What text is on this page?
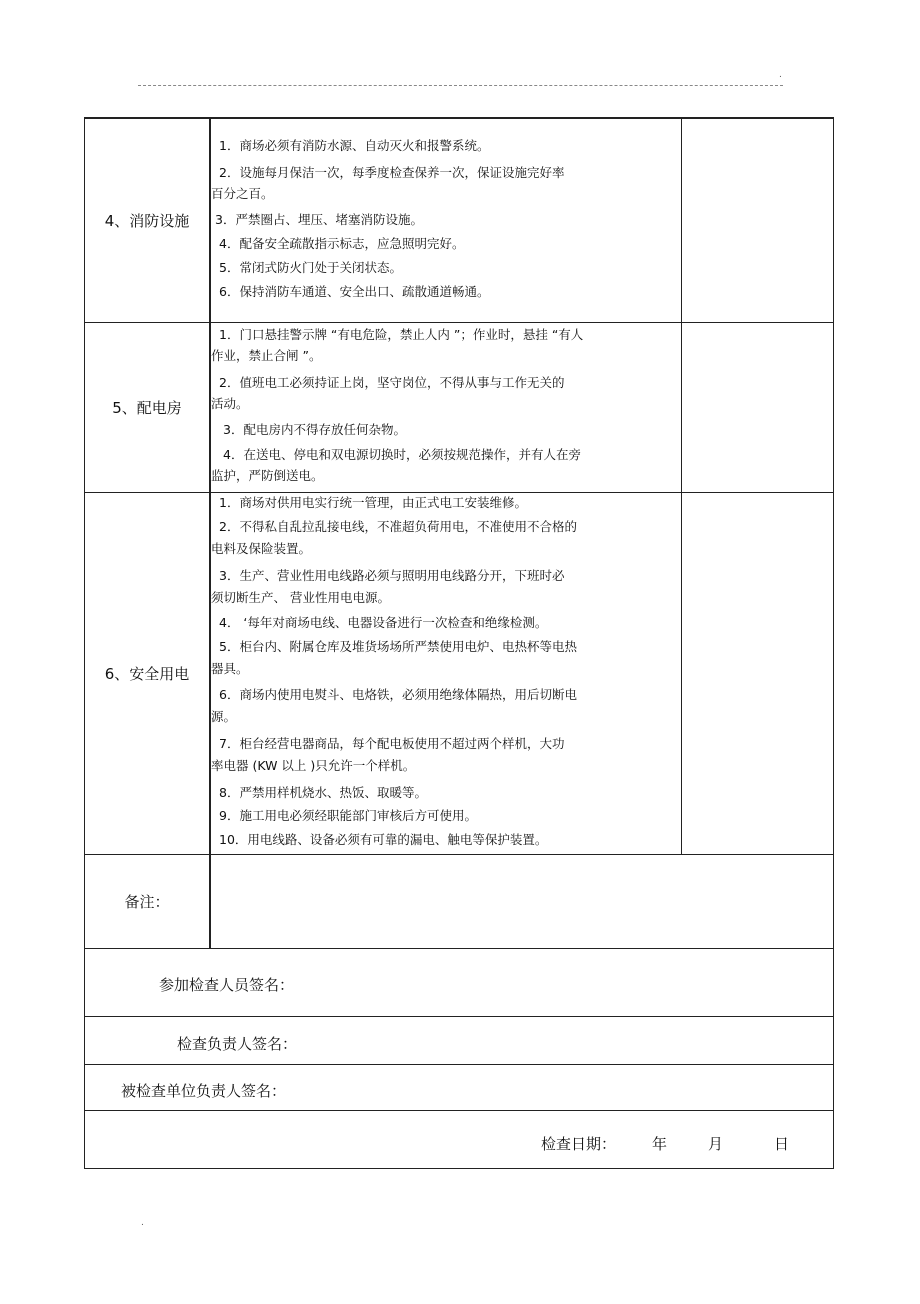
.
.
4、消防设施
1．商场必须有消防水源、自动灭火和报警系统。
2．设施每月保洁一次，每季度检查保养一次，保证设施完好率
百分之百。
3．严禁圈占、埋压、堵塞消防设施。
4．配备安全疏散指示标志，应急照明完好。
5．常闭式防火门处于关闭状态。
6．保持消防车通道、安全出口、疏散通道畅通。
5、配电房
1．门口悬挂警示牌 “有电危险，禁止人内 ”；作业时，悬挂 “有人
作业，禁止合闸 ”。
2．值班电工必须持证上岗，坚守岗位，不得从事与工作无关的
活动。
3．配电房内不得存放任何杂物。
4．在送电、停电和双电源切换时，必须按规范操作，并有人在旁
监护，严防倒送电。
6、安全用电
1．商场对供用电实行统一管理，由正式电工安装维修。
2．不得私自乱拉乱接电线，不准超负荷用电，不准使用不合格的
电料及保险装置。
3．生产、营业性用电线路必须与照明用电线路分开，下班时必
须切断生产、 营业性用电电源。
4． ‘每年对商场电线、电器设备进行一次检查和绝缘检测。
5．柜台内、附属仓库及堆货场场所严禁使用电炉、电热杯等电热
器具。
6．商场内使用电熨斗、电烙铁，必须用绝缘体隔热，用后切断电
源。
7．柜台经营电器商品，每个配电板使用不超过两个样机，大功
率电器 (KW 以上 )只允许一个样机。
8．严禁用样机烧水、热饭、取暖等。
9．施工用电必须经职能部门审核后方可使用。
10．用电线路、设备必须有可靠的漏电、触电等保护装置。
备注：
参加检查人员签名：
检查负责人签名：
被检查单位负责人签名：
检查日期： 年	月	日
